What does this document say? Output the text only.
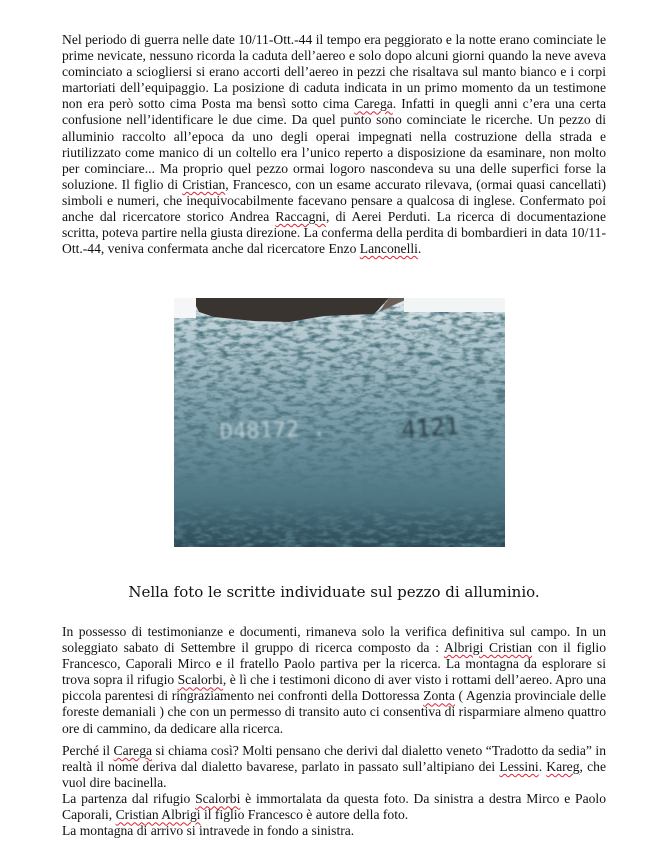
Nel periodo di guerra nelle date 10/11-Ott.-44 il tempo era peggiorato e la notte erano cominciate le prime nevicate, nessuno ricorda la caduta dell’aereo e solo dopo alcuni giorni quando la neve aveva cominciato a sciogliersi si erano accorti dell’aereo in pezzi che risaltava sul manto bianco e i corpi martoriati dell’equipaggio. La posizione di caduta indicata in un primo momento da un testimone non era però sotto cima Posta ma bensì sotto cima Carega. Infatti in quegli anni c’era una certa confusione nell’identificare le due cime. Da quel punto sono cominciate le ricerche. Un pezzo di alluminio raccolto all’epoca da uno degli operai impegnati nella costruzione della strada e riutilizzato come manico di un coltello era l’unico reperto a disposizione da esaminare, non molto per cominciare... Ma proprio quel pezzo ormai logoro nascondeva su una delle superfici forse la soluzione. Il figlio di Cristian, Francesco, con un esame accurato rilevava, (ormai quasi cancellati) simboli e numeri, che inequivocabilmente facevano pensare a qualcosa di inglese. Confermato poi anche dal ricercatore storico Andrea Raccagni, di Aerei Perduti. La ricerca di documentazione scritta, poteva partire nella giusta direzione. La conferma della perdita di bombardieri in data 10/11-Ott.-44, veniva confermata anche dal ricercatore Enzo Lanconelli.

D48172 .	4121
Nella foto le scritte individuate sul pezzo di alluminio.

In possesso di testimonianze e documenti, rimaneva solo la verifica definitiva sul campo. In un soleggiato sabato di Settembre il gruppo di ricerca composto da : Albrigi Cristian con il figlio Francesco, Caporali Mirco e il fratello Paolo partiva per la ricerca. La montagna da esplorare si trova sopra il rifugio Scalorbi, è lì che i testimoni dicono di aver visto i rottami dell’aereo. Apro una piccola parentesi di ringraziamento nei confronti della Dottoressa Zonta ( Agenzia provinciale delle foreste demaniali ) che con un permesso di transito auto ci consentiva di risparmiare almeno quattro ore di cammino, da dedicare alla ricerca.

Perché il Carega si chiama così? Molti pensano che derivi dal dialetto veneto “Tradotto da sedia” in realtà il nome deriva dal dialetto bavarese, parlato in passato sull’altipiano dei Lessini. Kareg, che vuol dire bacinella.
La partenza dal rifugio Scalorbi è immortalata da questa foto. Da sinistra a destra Mirco e Paolo Caporali, Cristian Albrigi il figlio Francesco è autore della foto.
La montagna di arrivo si intravede in fondo a sinistra.
